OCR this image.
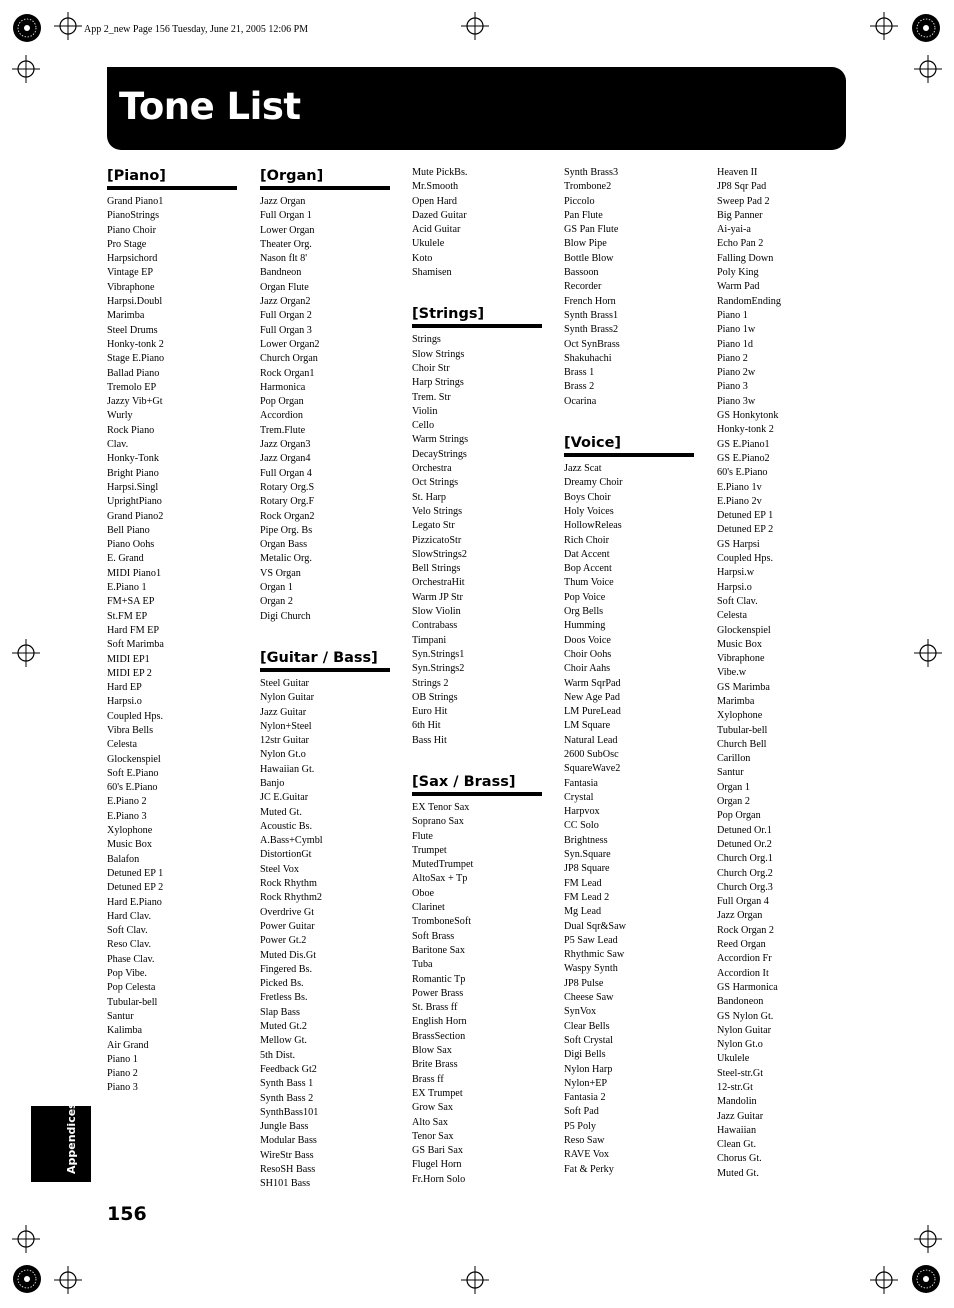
App 2_new Page 156 Tuesday, June 21, 2005 12:06 PM
Tone List
[Piano]
Grand Piano1
PianoStrings
Piano Choir
Pro Stage
Harpsichord
Vintage EP
Vibraphone
Harpsi.Doubl
Marimba
Steel Drums
Honky-tonk 2
Stage E.Piano
Ballad Piano
Tremolo EP
Jazzy Vib+Gt
Wurly
Rock Piano
Clav.
Honky-Tonk
Bright Piano
Harpsi.Singl
UprightPiano
Grand Piano2
Bell Piano
Piano Oohs
E. Grand
MIDI Piano1
E.Piano 1
FM+SA EP
St.FM EP
Hard FM EP
Soft Marimba
MIDI EP1
MIDI EP 2
Hard EP
Harpsi.o
Coupled Hps.
Vibra Bells
Celesta
Glockenspiel
Soft E.Piano
60's E.Piano
E.Piano 2
E.Piano 3
Xylophone
Music Box
Balafon
Detuned EP 1
Detuned EP 2
Hard E.Piano
Hard Clav.
Soft Clav.
Reso Clav.
Phase Clav.
Pop Vibe.
Pop Celesta
Tubular-bell
Santur
Kalimba
Air Grand
Piano 1
Piano 2
Piano 3
[Organ]
Jazz Organ
Full Organ 1
Lower Organ
Theater Org.
Nason flt 8'
Bandneon
Organ Flute
Jazz Organ2
Full Organ 2
Full Organ 3
Lower Organ2
Church Organ
Rock Organ1
Harmonica
Pop Organ
Accordion
Trem.Flute
Jazz Organ3
Jazz Organ4
Full Organ 4
Rotary Org.S
Rotary Org.F
Rock Organ2
Pipe Org. Bs
Organ Bass
Metalic Org.
VS Organ
Organ 1
Organ 2
Digi Church
[Guitar / Bass]
Steel Guitar
Nylon Guitar
Jazz Guitar
Nylon+Steel
12str Guitar
Nylon Gt.o
Hawaiian Gt.
Banjo
JC E.Guitar
Muted Gt.
Acoustic Bs.
A.Bass+Cymbl
DistortionGt
Steel Vox
Rock Rhythm
Rock Rhythm2
Overdrive Gt
Power Guitar
Power Gt.2
Muted Dis.Gt
Fingered Bs.
Picked Bs.
Fretless Bs.
Slap Bass
Muted Gt.2
Mellow Gt.
5th Dist.
Feedback Gt2
Synth Bass 1
Synth Bass 2
SynthBass101
Jungle Bass
Modular Bass
WireStr Bass
ResoSH Bass
SH101 Bass
Mute PickBs.
Mr.Smooth
Open Hard
Dazed Guitar
Acid Guitar
Ukulele
Koto
Shamisen
[Strings]
Strings
Slow Strings
Choir Str
Harp Strings
Trem. Str
Violin
Cello
Warm Strings
DecayStrings
Orchestra
Oct Strings
St. Harp
Velo Strings
Legato Str
PizzicatoStr
SlowStrings2
Bell Strings
OrchestraHit
Warm JP Str
Slow Violin
Contrabass
Timpani
Syn.Strings1
Syn.Strings2
Strings 2
OB Strings
Euro Hit
6th Hit
Bass Hit
[Sax / Brass]
EX Tenor Sax
Soprano Sax
Flute
Trumpet
MutedTrumpet
AltoSax + Tp
Oboe
Clarinet
TromboneSoft
Soft Brass
Baritone Sax
Tuba
Romantic Tp
Power Brass
St. Brass ff
English Horn
BrassSection
Blow Sax
Brite Brass
Brass ff
EX Trumpet
Grow Sax
Alto Sax
Tenor Sax
GS Bari Sax
Flugel Horn
Fr.Horn Solo
Synth Brass3
Trombone2
Piccolo
Pan Flute
GS Pan Flute
Blow Pipe
Bottle Blow
Bassoon
Recorder
French Horn
Synth Brass1
Synth Brass2
Oct SynBrass
Shakuhachi
Brass 1
Brass 2
Ocarina
[Voice]
Jazz Scat
Dreamy Choir
Boys Choir
Holy Voices
HollowReleas
Rich Choir
Dat Accent
Bop Accent
Thum Voice
Pop Voice
Org Bells
Humming
Doos Voice
Choir Oohs
Choir Aahs
Warm SqrPad
New Age Pad
LM PureLead
LM Square
Natural Lead
2600 SubOsc
SquareWave2
Fantasia
Crystal
Harpvox
CC Solo
Brightness
Syn.Square
JP8 Square
FM Lead
FM Lead 2
Mg Lead
Dual Sqr&Saw
P5 Saw Lead
Rhythmic Saw
Waspy Synth
JP8 Pulse
Cheese Saw
SynVox
Clear Bells
Soft Crystal
Digi Bells
Nylon Harp
Nylon+EP
Fantasia 2
Soft Pad
P5 Poly
Reso Saw
RAVE Vox
Fat & Perky
Heaven II
JP8 Sqr Pad
Sweep Pad 2
Big Panner
Ai-yai-a
Echo Pan 2
Falling Down
Poly King
Warm Pad
RandomEnding
Piano 1
Piano 1w
Piano 1d
Piano 2
Piano 2w
Piano 3
Piano 3w
GS Honkytonk
Honky-tonk 2
GS E.Piano1
GS E.Piano2
60's E.Piano
E.Piano 1v
E.Piano 2v
Detuned EP 1
Detuned EP 2
GS Harpsi
Coupled Hps.
Harpsi.w
Harpsi.o
Soft Clav.
Celesta
Glockenspiel
Music Box
Vibraphone
Vibe.w
GS Marimba
Marimba
Xylophone
Tubular-bell
Church Bell
Carillon
Santur
Organ 1
Organ 2
Pop Organ
Detuned Or.1
Detuned Or.2
Church Org.1
Church Org.2
Church Org.3
Full Organ 4
Jazz Organ
Rock Organ 2
Reed Organ
Accordion Fr
Accordion It
GS Harmonica
Bandoneon
GS Nylon Gt.
Nylon Guitar
Nylon Gt.o
Ukulele
Steel-str.Gt
12-str.Gt
Mandolin
Jazz Guitar
Hawaiian
Clean Gt.
Chorus Gt.
Muted Gt.
Appendices
156
